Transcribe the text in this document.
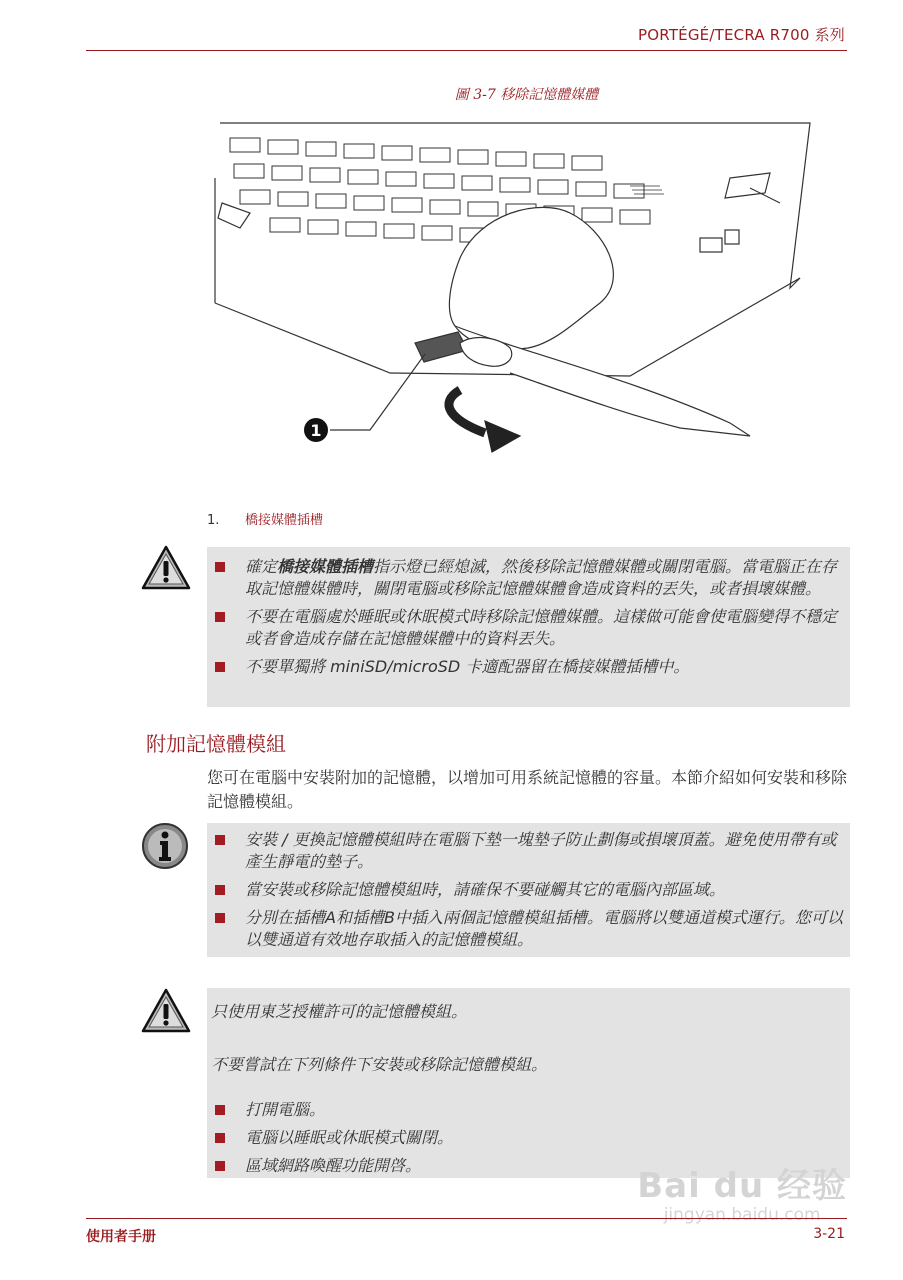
PORTÉGÉ/TECRA R700 系列
圖 3-7 移除記憶體媒體
1
1. 橋接媒體插槽
確定橋接媒體插槽指示燈已經熄滅，然後移除記憶體媒體或關閉電腦。當電腦正在存取記憶體媒體時，關閉電腦或移除記憶體媒體會造成資料的丟失，或者損壞媒體。
不要在電腦處於睡眠或休眠模式時移除記憶體媒體。這樣做可能會使電腦變得不穩定或者會造成存儲在記憶體媒體中的資料丟失。
不要單獨將 miniSD/microSD 卡適配器留在橋接媒體插槽中。
附加記憶體模組
您可在電腦中安裝附加的記憶體，以增加可用系統記憶體的容量。本節介紹如何安裝和移除記憶體模組。
安裝 / 更換記憶體模組時在電腦下墊一塊墊子防止劃傷或損壞頂蓋。避免使用帶有或產生靜電的墊子。
當安裝或移除記憶體模組時，請確保不要碰觸其它的電腦內部區域。
分別在插槽A和插槽B中插入兩個記憶體模組插槽。電腦將以雙通道模式運行。您可以以雙通道有效地存取插入的記憶體模組。

只使用東芝授權許可的記憶體模組。

不要嘗試在下列條件下安裝或移除記憶體模組。

打開電腦。
電腦以睡眠或休眠模式關閉。
區域網路喚醒功能開啓。
Bai du 经验
jingyan.baidu.com
使用者手册	3-21
